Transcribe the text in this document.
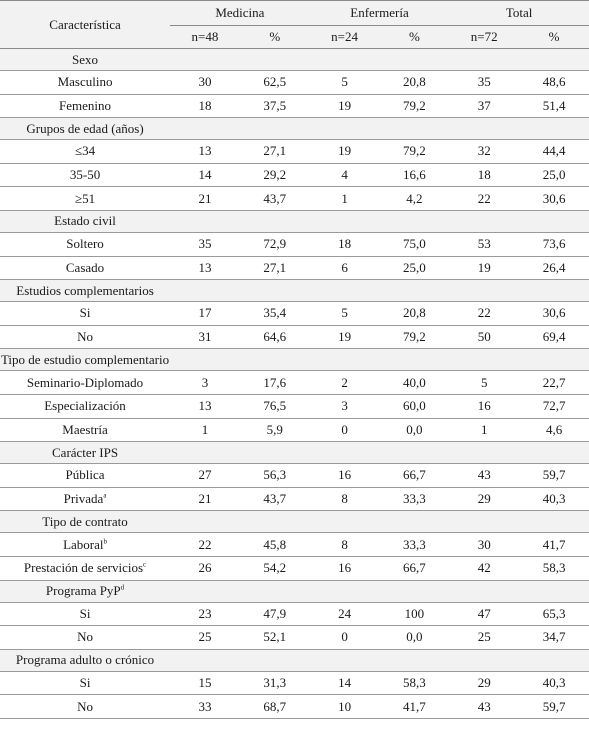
Característica	Medicina		Enfermería		Total	
	n=48	%	n=24	%	n=72	%
Sexo						
Masculino	30	62,5	5	20,8	35	48,6
Femenino	18	37,5	19	79,2	37	51,4
Grupos de edad (años)						
≤34	13	27,1	19	79,2	32	44,4
35-50	14	29,2	4	16,6	18	25,0
≥51	21	43,7	1	4,2	22	30,6
Estado civil						
Soltero	35	72,9	18	75,0	53	73,6
Casado	13	27,1	6	25,0	19	26,4
Estudios complementarios						
Si	17	35,4	5	20,8	22	30,6
No	31	64,6	19	79,2	50	69,4
Tipo de estudio complementario						
Seminario-Diplomado	3	17,6	2	40,0	5	22,7
Especialización	13	76,5	3	60,0	16	72,7
Maestría	1	5,9	0	0,0	1	4,6
Carácter IPS						
Pública	27	56,3	16	66,7	43	59,7
Privada$^a$	21	43,7	8	33,3	29	40,3
Tipo de contrato						
Laboral$^b$	22	45,8	8	33,3	30	41,7
Prestación de servicios$^c$	26	54,2	16	66,7	42	58,3
Programa PyP$^d$						
Si	23	47,9	24	100	47	65,3
No	25	52,1	0	0,0	25	34,7
Programa adulto o crónico						
Si	15	31,3	14	58,3	29	40,3
No	33	68,7	10	41,7	43	59,7
